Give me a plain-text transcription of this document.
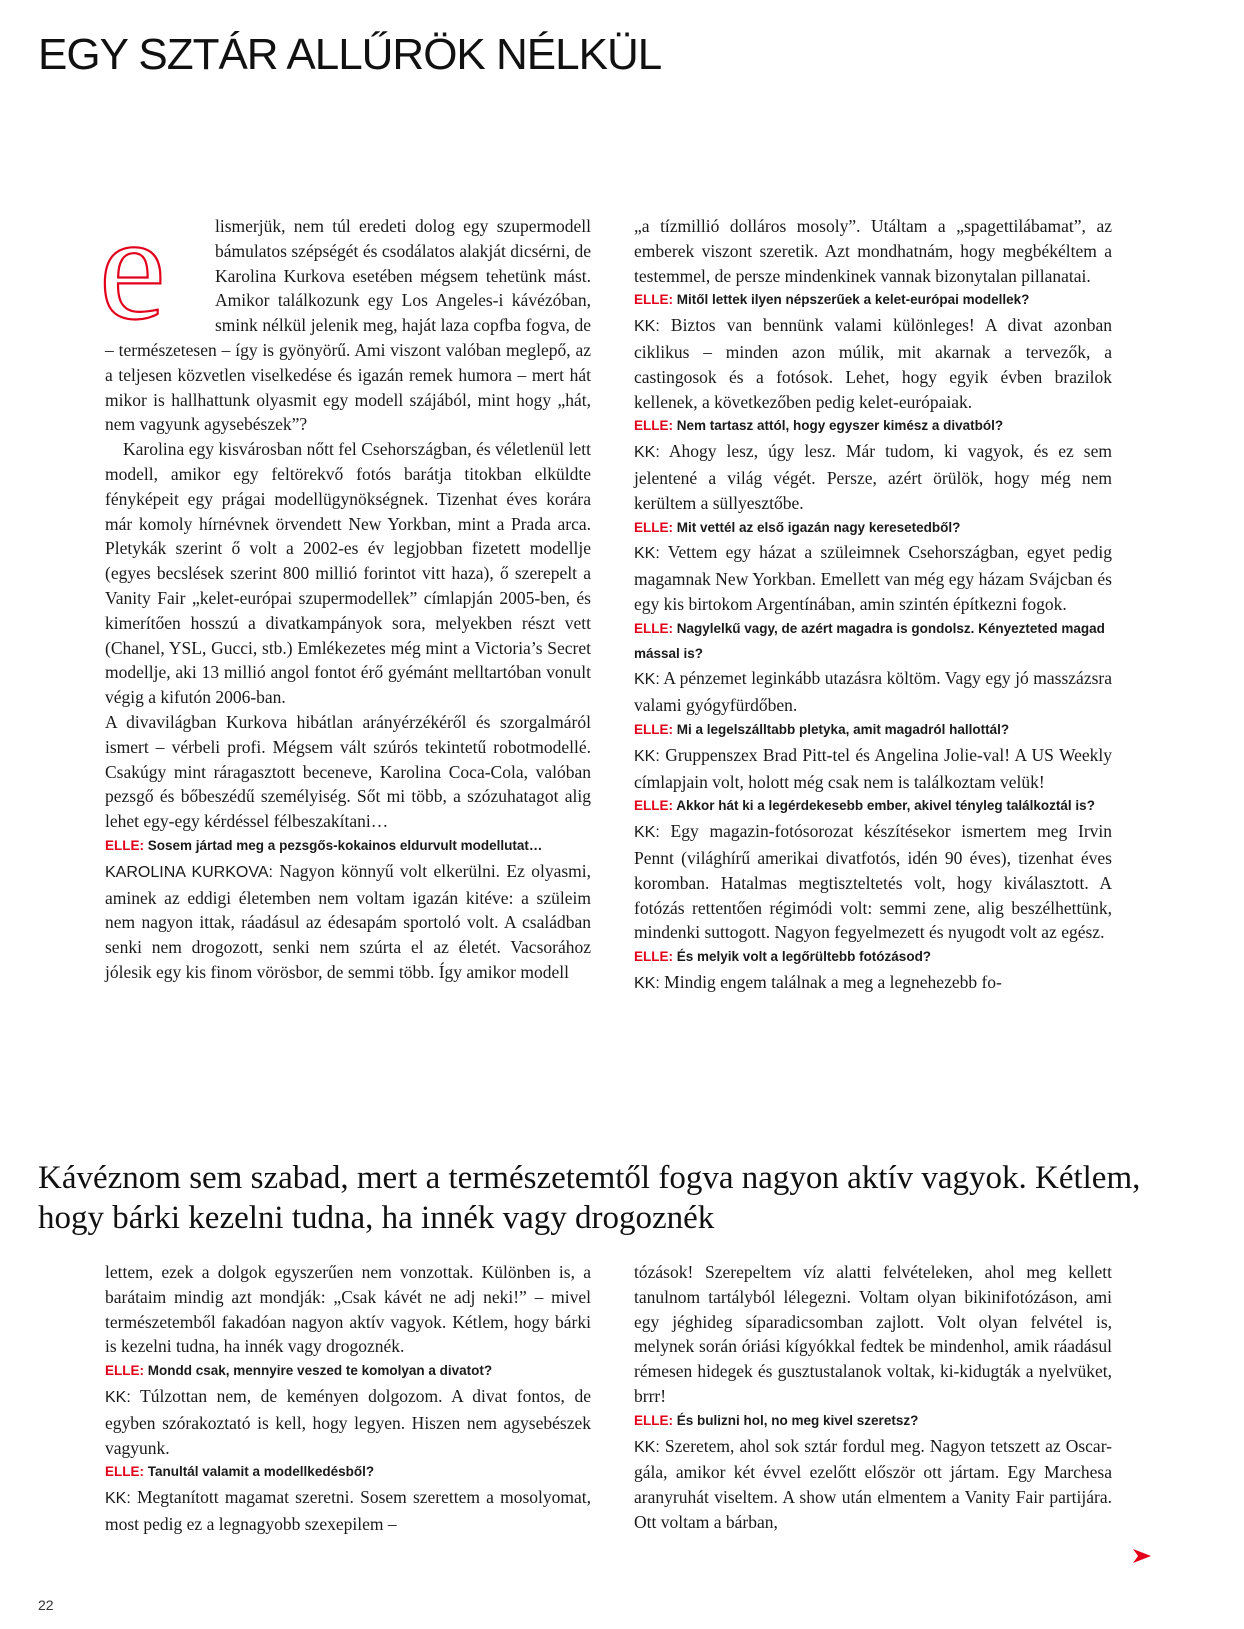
EGY SZTÁR ALLŰRÖK NÉLKÜL
e	lismerjük, nem túl eredeti dolog egy szupermodell bámulatos szépségét és csodálatos alakját dicsérni, de Karolina Kurkova esetében mégsem tehetünk mást. Amikor találkozunk egy Los Angeles-i kávézóban, smink nélkül jelenik meg, haját laza copfba fogva, de – természetesen – így is gyönyörű. Ami viszont valóban meglepő, az a teljesen közvetlen viselkedése és igazán remek humora – mert hát mikor is hallhattunk olyasmit egy modell szájából, mint hogy „hát, nem vagyunk agysebészek”?

Karolina egy kisvárosban nőtt fel Csehországban, és véletlenül lett modell, amikor egy feltörekvő fotós barátja titokban elküldte fényképeit egy prágai modellügynökségnek. Tizenhat éves korára már komoly hírnévnek örvendett New Yorkban, mint a Prada arca. Pletykák szerint ő volt a 2002-es év legjobban fizetett modellje (egyes becslések szerint 800 millió forintot vitt haza), ő szerepelt a Vanity Fair „kelet-európai szupermodellek” címlapján 2005-ben, és kimerítően hosszú a divatkampányok sora, melyekben részt vett (Chanel, YSL, Gucci, stb.) Emlékezetes még mint a Victoria’s Secret modellje, aki 13 millió angol fontot érő gyémánt melltartóban vonult végig a kifutón 2006-ban.

A divavilágban Kurkova hibátlan arányérzékéről és szorgalmáról ismert – vérbeli profi. Mégsem vált szúrós tekintetű robotmodellé. Csakúgy mint ráragasztott beceneve, Karolina Coca-Cola, valóban pezsgő és bőbeszédű személyiség. Sőt mi több, a szózuhatagot alig lehet egy-egy kérdéssel félbeszakítani…

ELLE: Sosem jártad meg a pezsgős-kokainos eldurvult modellutat…

KAROLINA KURKOVA: Nagyon könnyű volt elkerülni. Ez olyasmi, aminek az eddigi életemben nem voltam igazán kitéve: a szüleim nem nagyon ittak, ráadásul az édesapám sportoló volt. A családban senki nem drogozott, senki nem szúrta el az életét. Vacsorához jólesik egy kis finom vörösbor, de semmi több. Így amikor modell

„a tízmillió dolláros mosoly”. Utáltam a „spagettilábamat”, az emberek viszont szeretik. Azt mondhatnám, hogy megbékéltem a testemmel, de persze mindenkinek vannak bizonytalan pillanatai.

ELLE: Mitől lettek ilyen népszerűek a kelet-európai modellek?

KK: Biztos van bennünk valami különleges! A divat azonban ciklikus – minden azon múlik, mit akarnak a tervezők, a castingosok és a fotósok. Lehet, hogy egyik évben brazilok kellenek, a következőben pedig kelet-európaiak.

ELLE: Nem tartasz attól, hogy egyszer kimész a divatból?

KK: Ahogy lesz, úgy lesz. Már tudom, ki vagyok, és ez sem jelentené a világ végét. Persze, azért örülök, hogy még nem kerültem a süllyesztőbe.

ELLE: Mit vettél az első igazán nagy keresetedből?

KK: Vettem egy házat a szüleimnek Csehországban, egyet pedig magamnak New Yorkban. Emellett van még egy házam Svájcban és egy kis birtokom Argentínában, amin szintén építkezni fogok.

ELLE: Nagylelkű vagy, de azért magadra is gondolsz. Kényezteted magad mással is?

KK: A pénzemet leginkább utazásra költöm. Vagy egy jó masszázsra valami gyógyfürdőben.

ELLE: Mi a legelszálltabb pletyka, amit magadról hallottál?

KK: Gruppenszex Brad Pitt-tel és Angelina Jolie-val! A US Weekly címlapjain volt, holott még csak nem is találkoztam velük!

ELLE: Akkor hát ki a legérdekesebb ember, akivel tényleg találkoztál is?

KK: Egy magazin-fotósorozat készítésekor ismertem meg Irvin Pennt (világhírű amerikai divatfotós, idén 90 éves), tizenhat éves koromban. Hatalmas megtiszteltetés volt, hogy kiválasztott. A fotózás rettentően régimódi volt: semmi zene, alig beszélhettünk, mindenki suttogott. Nagyon fegyelmezett és nyugodt volt az egész.

ELLE: És melyik volt a legőrültebb fotózásod?

KK: Mindig engem találnak a meg a legnehezebb fo-

Kávéznom sem szabad, mert a természetemtől fogva nagyon aktív vagyok. Kétlem, hogy bárki kezelni tudna, ha innék vagy drogoznék

lettem, ezek a dolgok egyszerűen nem vonzottak. Különben is, a barátaim mindig azt mondják: „Csak kávét ne adj neki!” – mivel természetemből fakadóan nagyon aktív vagyok. Kétlem, hogy bárki is kezelni tudna, ha innék vagy drogoznék.

ELLE: Mondd csak, mennyire veszed te komolyan a divatot?

KK: Túlzottan nem, de keményen dolgozom. A divat fontos, de egyben szórakoztató is kell, hogy legyen. Hiszen nem agysebészek vagyunk.

ELLE: Tanultál valamit a modellkedésből?

KK: Megtanított magamat szeretni. Sosem szerettem a mosolyomat, most pedig ez a legnagyobb szexepilem –

tózások! Szerepeltem víz alatti felvételeken, ahol meg kellett tanulnom tartályból lélegezni. Voltam olyan bikinifotózáson, ami egy jéghideg síparadicsomban zajlott. Volt olyan felvétel is, melynek során óriási kígyókkal fedtek be mindenhol, amik ráadásul rémesen hidegek és gusztustalanok voltak, ki-kidugták a nyelvüket, brrr!

ELLE: És bulizni hol, no meg kivel szeretsz?

KK: Szeretem, ahol sok sztár fordul meg. Nagyon tetszett az Oscar-gála, amikor két évvel ezelőtt először ott jártam. Egy Marchesa aranyruhát viseltem. A show után elmentem a Vanity Fair partijára. Ott voltam a bárban,

22
